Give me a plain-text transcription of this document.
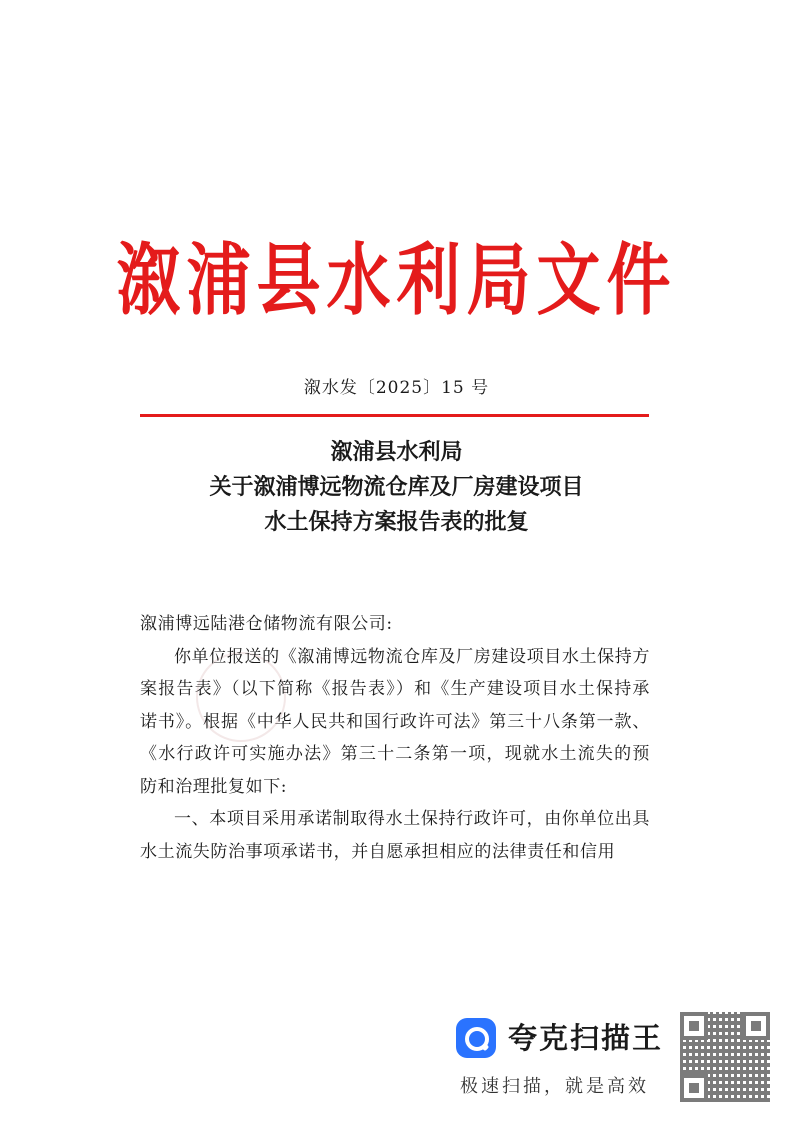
溆浦县水利局文件
溆水发〔2025〕15 号
溆浦县水利局
关于溆浦博远物流仓库及厂房建设项目
水土保持方案报告表的批复

溆浦博远陆港仓储物流有限公司:

你单位报送的《溆浦博远物流仓库及厂房建设项目水土保持方案报告表》（以下简称《报告表》）和《生产建设项目水土保持承诺书》。根据《中华人民共和国行政许可法》第三十八条第一款、《水行政许可实施办法》第三十二条第一项，现就水土流失的预防和治理批复如下:

一、本项目采用承诺制取得水土保持行政许可，由你单位出具水土流失防治事项承诺书，并自愿承担相应的法律责任和信用

夸克扫描王
极速扫描，就是高效
